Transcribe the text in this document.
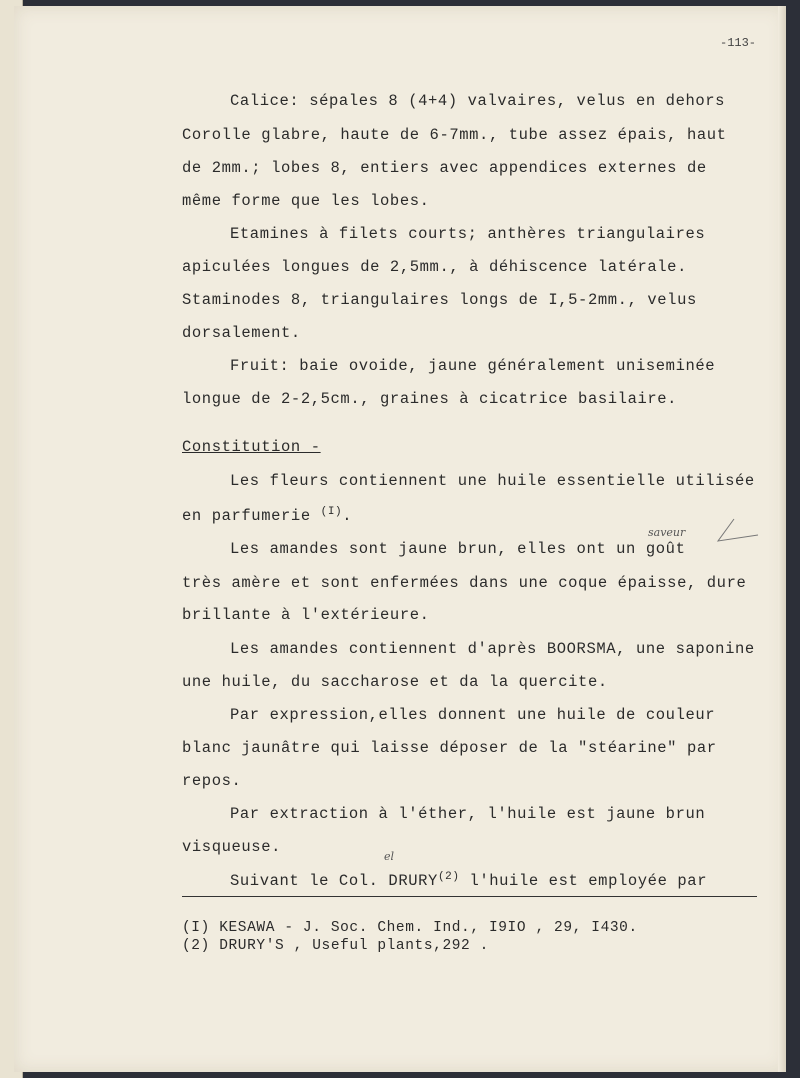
-113-
Calice: sépales 8 (4+4) valvaires, velus en dehors
Corolle glabre, haute de 6-7mm., tube assez épais, haut
de 2mm.; lobes 8, entiers avec appendices externes de
même forme que les lobes.
Etamines à filets courts; anthères triangulaires
apiculées longues de 2,5mm., à déhiscence latérale.
Staminodes 8, triangulaires longs de I,5-2mm., velus
dorsalement.
Fruit: baie ovoide, jaune généralement uniseminée
longue de 2-2,5cm., graines à cicatrice basilaire.
Constitution -
Les fleurs contiennent une huile essentielle utilisée
en parfumerie $^{(I)}$.
saveur
Les amandes sont jaune brun, elles ont un goût
très amère et sont enfermées dans une coque épaisse, dure
brillante à l'extérieure.
Les amandes contiennent d'après BOORSMA, une saponine
une huile, du saccharose et da la quercite.
Par expression,elles donnent une huile de couleur
blanc jaunâtre qui laisse déposer de la "stéarine" par
repos.
Par extraction à l'éther, l'huile est jaune brun
visqueuse.
el
Suivant le Col. DRURY$^{(2)}$ l'huile est employée par
(I) KESAWA - J. Soc. Chem. Ind., I9IO , 29, I430.
(2) DRURY'S , Useful plants,292 .
